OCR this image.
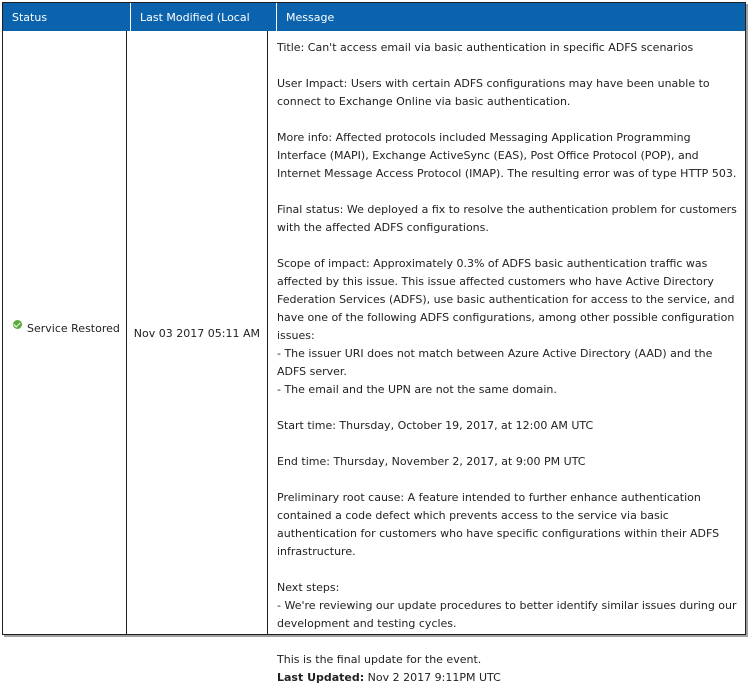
Status	Last Modified (Local Time)
Message
Service Restored Nov 03 2017 05:11 AM

Title: Can't access email via basic authentication in specific ADFS scenarios

User Impact: Users with certain ADFS configurations may have been unable to connect to Exchange Online via basic authentication.

More info: Affected protocols included Messaging Application Programming Interface (MAPI), Exchange ActiveSync (EAS), Post Office Protocol (POP), and Internet Message Access Protocol (IMAP). The resulting error was of type HTTP 503.

Final status: We deployed a fix to resolve the authentication problem for customers with the affected ADFS configurations.

Scope of impact: Approximately 0.3% of ADFS basic authentication traffic was affected by this issue. This issue affected customers who have Active Directory Federation Services (ADFS), use basic authentication for access to the service, and have one of the following ADFS configurations, among other possible configuration issues:

- The issuer URI does not match between Azure Active Directory (AAD) and the ADFS server.

- The email and the UPN are not the same domain.

Start time: Thursday, October 19, 2017, at 12:00 AM UTC

End time: Thursday, November 2, 2017, at 9:00 PM UTC

Preliminary root cause: A feature intended to further enhance authentication contained a code defect which prevents access to the service via basic authentication for customers who have specific configurations within their ADFS infrastructure.

Next steps:

- We're reviewing our update procedures to better identify similar issues during our development and testing cycles.

This is the final update for the event.

Last Updated: Nov 2 2017 9:11PM UTC
